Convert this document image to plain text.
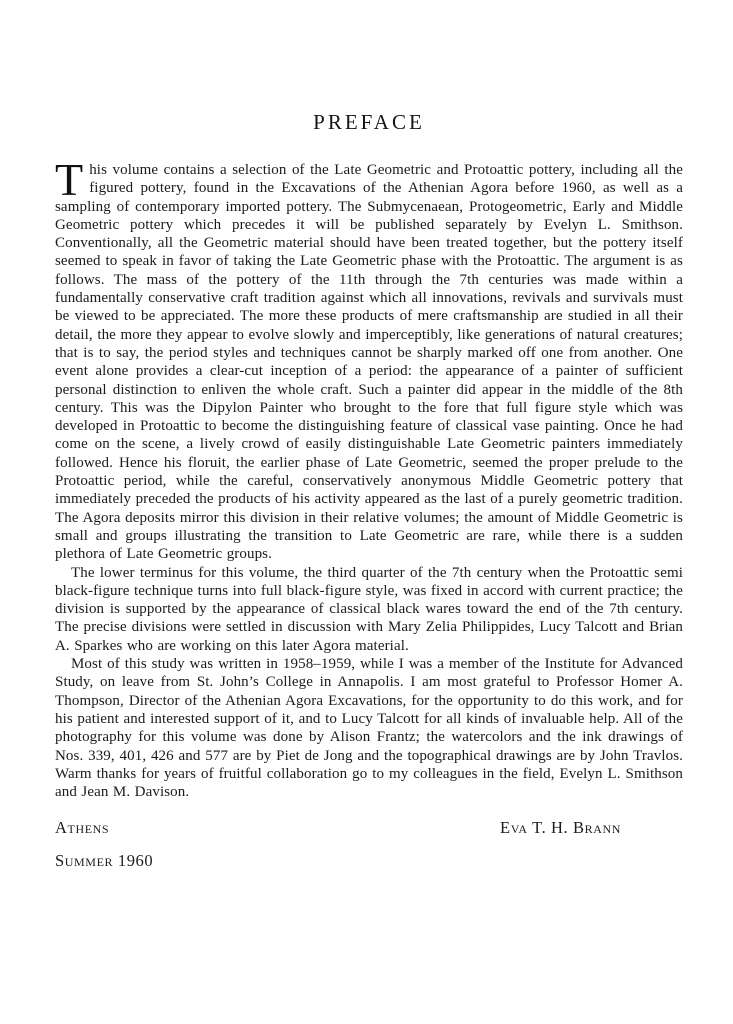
PREFACE

This volume contains a selection of the Late Geometric and Protoattic pottery, including all the figured pottery, found in the Excavations of the Athenian Agora before 1960, as well as a sampling of contemporary imported pottery. The Submycenaean, Protogeometric, Early and Middle Geometric pottery which precedes it will be published separately by Evelyn L. Smithson. Conventionally, all the Geometric material should have been treated together, but the pottery itself seemed to speak in favor of taking the Late Geometric phase with the Protoattic. The argument is as follows. The mass of the pottery of the 11th through the 7th centuries was made within a fundamentally conservative craft tradition against which all innovations, revivals and survivals must be viewed to be appreciated. The more these products of mere craftsmanship are studied in all their detail, the more they appear to evolve slowly and imperceptibly, like generations of natural creatures; that is to say, the period styles and techniques cannot be sharply marked off one from another. One event alone provides a clear-cut inception of a period: the appearance of a painter of sufficient personal distinction to enliven the whole craft. Such a painter did appear in the middle of the 8th century. This was the Dipylon Painter who brought to the fore that full figure style which was developed in Protoattic to become the distinguishing feature of classical vase painting. Once he had come on the scene, a lively crowd of easily distinguishable Late Geometric painters immediately followed. Hence his floruit, the earlier phase of Late Geometric, seemed the proper prelude to the Protoattic period, while the careful, conservatively anonymous Middle Geometric pottery that immediately preceded the products of his activity appeared as the last of a purely geometric tradition. The Agora deposits mirror this division in their relative volumes; the amount of Middle Geometric is small and groups illustrating the transition to Late Geometric are rare, while there is a sudden plethora of Late Geometric groups.

The lower terminus for this volume, the third quarter of the 7th century when the Protoattic semi black-figure technique turns into full black-figure style, was fixed in accord with current practice; the division is supported by the appearance of classical black wares toward the end of the 7th century. The precise divisions were settled in discussion with Mary Zelia Philippides, Lucy Talcott and Brian A. Sparkes who are working on this later Agora material.

Most of this study was written in 1958–1959, while I was a member of the Institute for Advanced Study, on leave from St. John’s College in Annapolis. I am most grateful to Professor Homer A. Thompson, Director of the Athenian Agora Excavations, for the opportunity to do this work, and for his patient and interested support of it, and to Lucy Talcott for all kinds of invaluable help. All of the photography for this volume was done by Alison Frantz; the watercolors and the ink drawings of Nos. 339, 401, 426 and 577 are by Piet de Jong and the topographical drawings are by John Travlos. Warm thanks for years of fruitful collaboration go to my colleagues in the field, Evelyn L. Smithson and Jean M. Davison.

Athens	Eva T. H. Brann
Summer 1960
